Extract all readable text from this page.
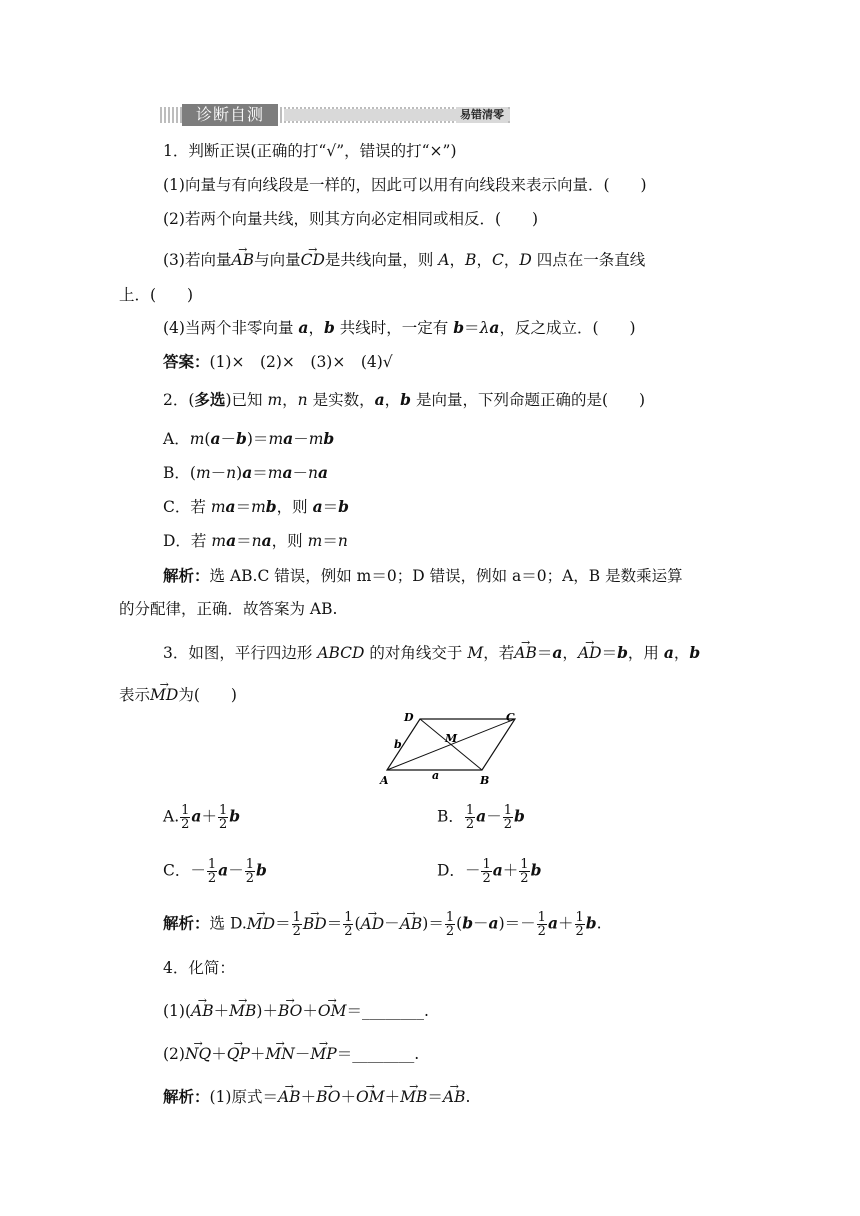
诊断自测	易错清零
1．判断正误(正确的打“√”，错误的打“×”)
(1)向量与有向线段是一样的，因此可以用有向线段来表示向量．(　　)
(2)若两个向量共线，则其方向必定相同或相反．(　　)
(3)若向量→ AB与向量→ CD是共线向量，则 A，B，C，D 四点在一条直线
上．(　　)
(4)当两个非零向量 a，b 共线时，一定有 b＝λa，反之成立．(　　)
答案：(1)×　(2)×　(3)×　(4)√
2．(多选)已知 m，n 是实数，a，b 是向量，下列命题正确的是(　　)
A．m(a－b)＝ma－mb
B．(m－n)a＝ma－na
C．若 ma＝mb，则 a＝b
D．若 ma＝na，则 m＝n
解析：选 AB.C 错误，例如 m＝0；D 错误，例如 a＝0；A，B 是数乘运算
的分配律，正确．故答案为 AB.
3．如图，平行四边形 ABCD 的对角线交于 M，若→ AB＝a，→ AD＝b，用 a，b
表示→ MD为(　　)
D	C
M
A	B
a
b
A. $\frac{1}{2} a+ \frac{1}{2}$ b	B． $\frac{1}{2} a- \frac{1}{2}$ b
C．－ $\frac{1}{2} a- \frac{1}{2}$ b	D．－ $\frac{1}{2} a+ \frac{1}{2}$ b
解析：选 $D.\to MD= \frac{1}{2}$
→ $BD= \frac{1}{2}$ (→ $AD-\to AB)= \frac{1}{2} (b-a)=- \frac{1}{2} a+ \frac{1}{2} b$.
4．化简：
(1)(→ AB＋→ MB)＋→ BO＋→ OM＝________.
(2)→ NQ＋→ QP＋→ MN－→ MP＝________.
解析：(1)原式＝→ AB＋→ BO＋→ OM＋→ MB＝→ AB.
